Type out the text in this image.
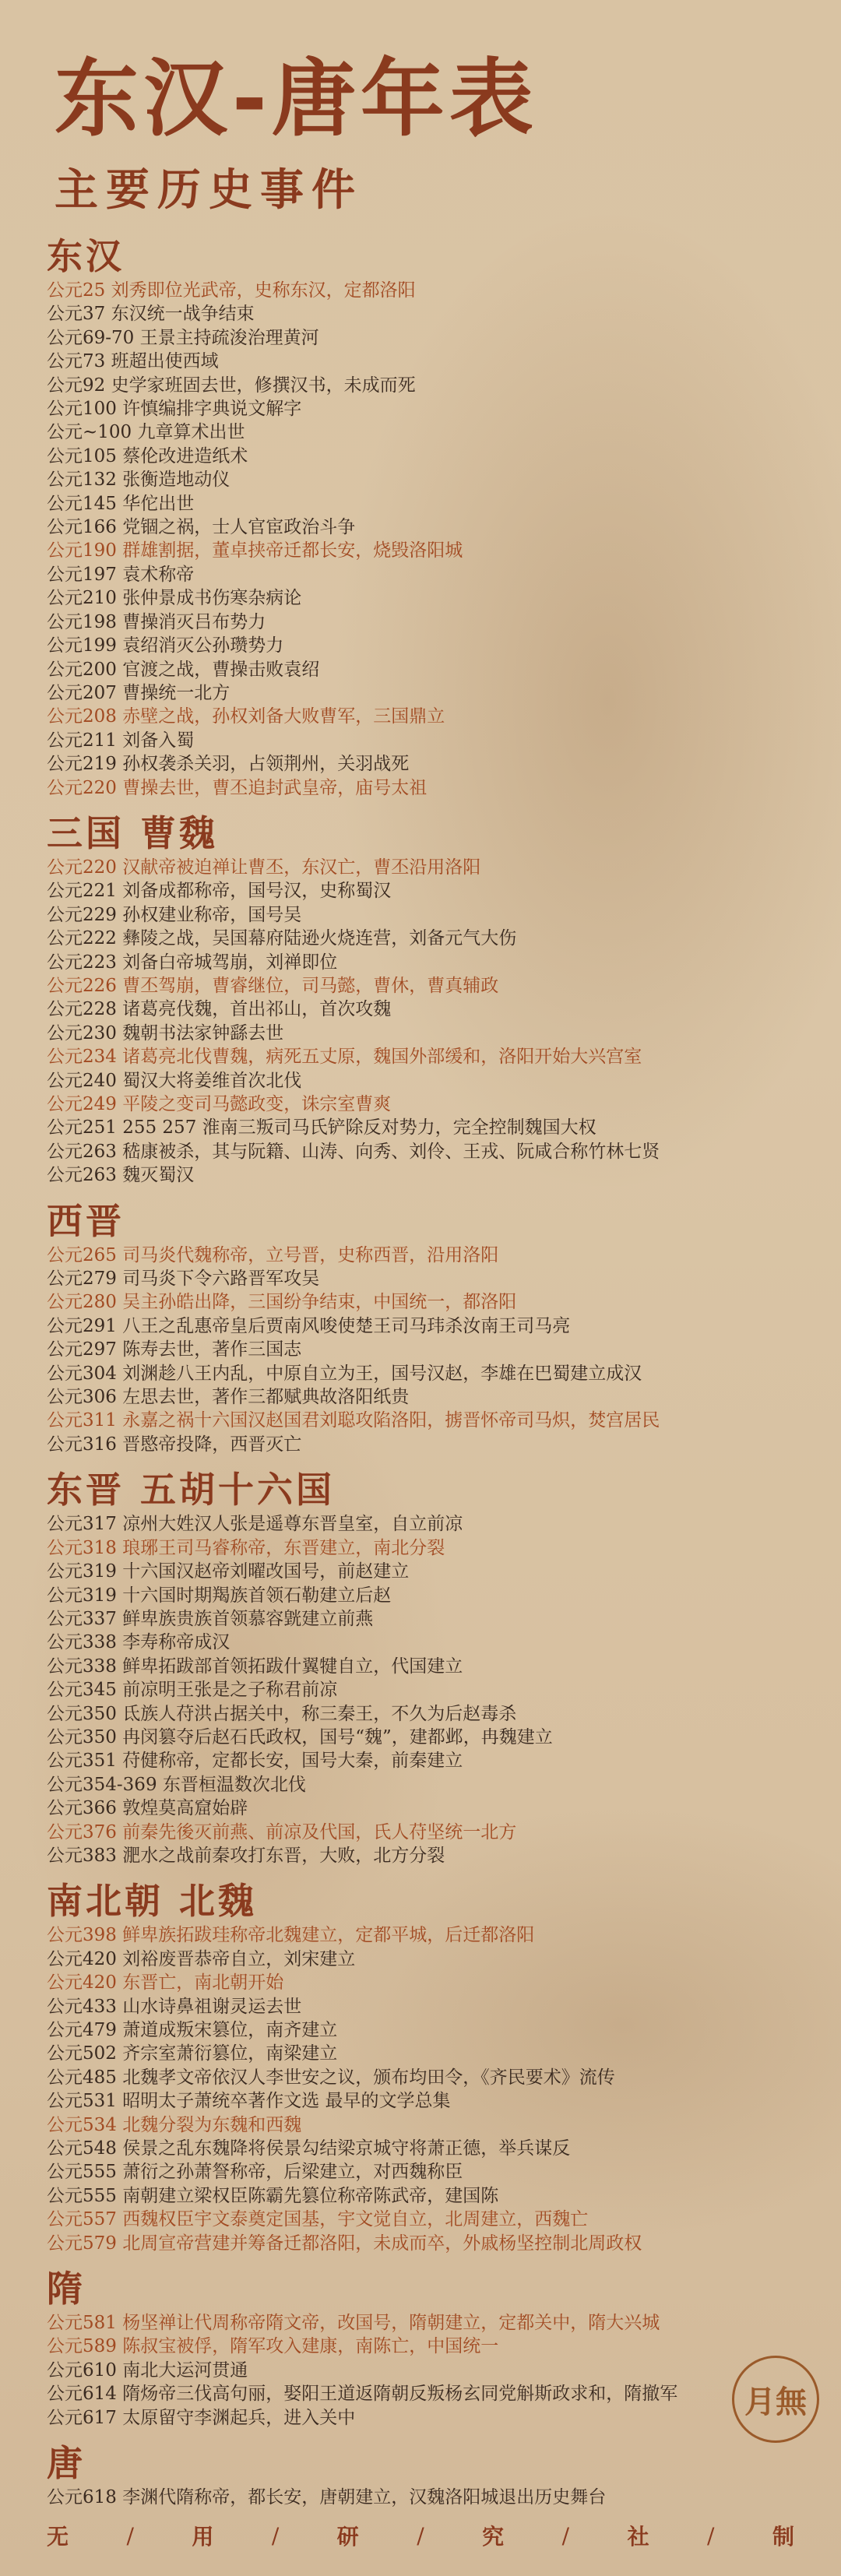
东汉-唐年表
主要历史事件
东汉
公元25 刘秀即位光武帝，史称东汉，定都洛阳
公元37 东汉统一战争结束
公元69-70 王景主持疏浚治理黄河
公元73 班超出使西域
公元92 史学家班固去世，修撰汉书，未成而死
公元100 许慎编排字典说文解字
公元~100 九章算术出世
公元105 蔡伦改进造纸术
公元132 张衡造地动仪
公元145 华佗出世
公元166 党锢之祸，士人官宦政治斗争
公元190 群雄割据，董卓挟帝迁都长安，烧毁洛阳城
公元197 袁术称帝
公元210 张仲景成书伤寒杂病论
公元198 曹操消灭吕布势力
公元199 袁绍消灭公孙瓒势力
公元200 官渡之战，曹操击败袁绍
公元207 曹操统一北方
公元208 赤壁之战，孙权刘备大败曹军，三国鼎立
公元211 刘备入蜀
公元219 孙权袭杀关羽，占领荆州，关羽战死
公元220 曹操去世，曹丕追封武皇帝，庙号太祖
三国 曹魏
公元220 汉献帝被迫禅让曹丕，东汉亡，曹丕沿用洛阳
公元221 刘备成都称帝，国号汉，史称蜀汉
公元229 孙权建业称帝，国号吴
公元222 彝陵之战，吴国幕府陆逊火烧连营，刘备元气大伤
公元223 刘备白帝城驾崩，刘禅即位
公元226 曹丕驾崩，曹睿继位，司马懿，曹休，曹真辅政
公元228 诸葛亮伐魏，首出祁山，首次攻魏
公元230 魏朝书法家钟繇去世
公元234 诸葛亮北伐曹魏，病死五丈原，魏国外部缓和，洛阳开始大兴宫室
公元240 蜀汉大将姜维首次北伐
公元249 平陵之变司马懿政变，诛宗室曹爽
公元251 255 257 淮南三叛司马氏铲除反对势力，完全控制魏国大权
公元263 嵇康被杀，其与阮籍、山涛、向秀、刘伶、王戎、阮咸合称竹林七贤
公元263 魏灭蜀汉
西晋
公元265 司马炎代魏称帝，立号晋，史称西晋，沿用洛阳
公元279 司马炎下令六路晋军攻吴
公元280 吴主孙皓出降，三国纷争结束，中国统一，都洛阳
公元291 八王之乱惠帝皇后贾南风唆使楚王司马玮杀汝南王司马亮
公元297 陈寿去世，著作三国志
公元304 刘渊趁八王内乱，中原自立为王，国号汉赵，李雄在巴蜀建立成汉
公元306 左思去世，著作三都赋典故洛阳纸贵
公元311 永嘉之祸十六国汉赵国君刘聪攻陷洛阳，掳晋怀帝司马炽，焚宫居民
公元316 晋愍帝投降，西晋灭亡
东晋 五胡十六国
公元317 凉州大姓汉人张是遥尊东晋皇室，自立前凉
公元318 琅琊王司马睿称帝，东晋建立，南北分裂
公元319 十六国汉赵帝刘曜改国号，前赵建立
公元319 十六国时期羯族首领石勒建立后赵
公元337 鲜卑族贵族首领慕容皝建立前燕
公元338 李寿称帝成汉
公元338 鲜卑拓跋部首领拓跋什翼犍自立，代国建立
公元345 前凉明王张是之子称君前凉
公元350 氐族人苻洪占据关中，称三秦王，不久为后赵毒杀
公元350 冉闵篡夺后赵石氏政权，国号“魏”，建都邺，冉魏建立
公元351 苻健称帝，定都长安，国号大秦，前秦建立
公元354-369 东晋桓温数次北伐
公元366 敦煌莫高窟始辟
公元376 前秦先後灭前燕、前凉及代国，氏人苻坚统一北方
公元383 淝水之战前秦攻打东晋，大败，北方分裂
南北朝 北魏
公元398 鲜卑族拓跋珪称帝北魏建立，定都平城，后迁都洛阳
公元420 刘裕废晋恭帝自立，刘宋建立
公元420 东晋亡，南北朝开始
公元433 山水诗鼻祖谢灵运去世
公元479 萧道成叛宋篡位，南齐建立
公元502 齐宗室萧衍篡位，南梁建立
公元485 北魏孝文帝依汉人李世安之议，颁布均田令，《齐民要术》流传
公元531 昭明太子萧统卒著作文选 最早的文学总集
公元534 北魏分裂为东魏和西魏
公元548 侯景之乱东魏降将侯景勾结梁京城守将萧正德，举兵谋反
公元555 萧衍之孙萧詧称帝，后梁建立，对西魏称臣
公元555 南朝建立梁权臣陈霸先篡位称帝陈武帝，建国陈
公元557 西魏权臣宇文泰奠定国基，宇文觉自立，北周建立，西魏亡
公元579 北周宣帝营建并筹备迁都洛阳，未成而卒，外戚杨坚控制北周政权
隋
公元581 杨坚禅让代周称帝隋文帝，改国号，隋朝建立，定都关中，隋大兴城
公元589 陈叔宝被俘，隋军攻入建康，南陈亡，中国统一
公元610 南北大运河贯通
公元614 隋炀帝三伐高句丽，娶阳王道返隋朝反叛杨玄同党斛斯政求和，隋撤军
公元617 太原留守李渊起兵，进入关中
唐
公元618 李渊代隋称帝，都长安，唐朝建立，汉魏洛阳城退出历史舞台
月無
无	/	用	/	研	/	究	/	社	/	制
